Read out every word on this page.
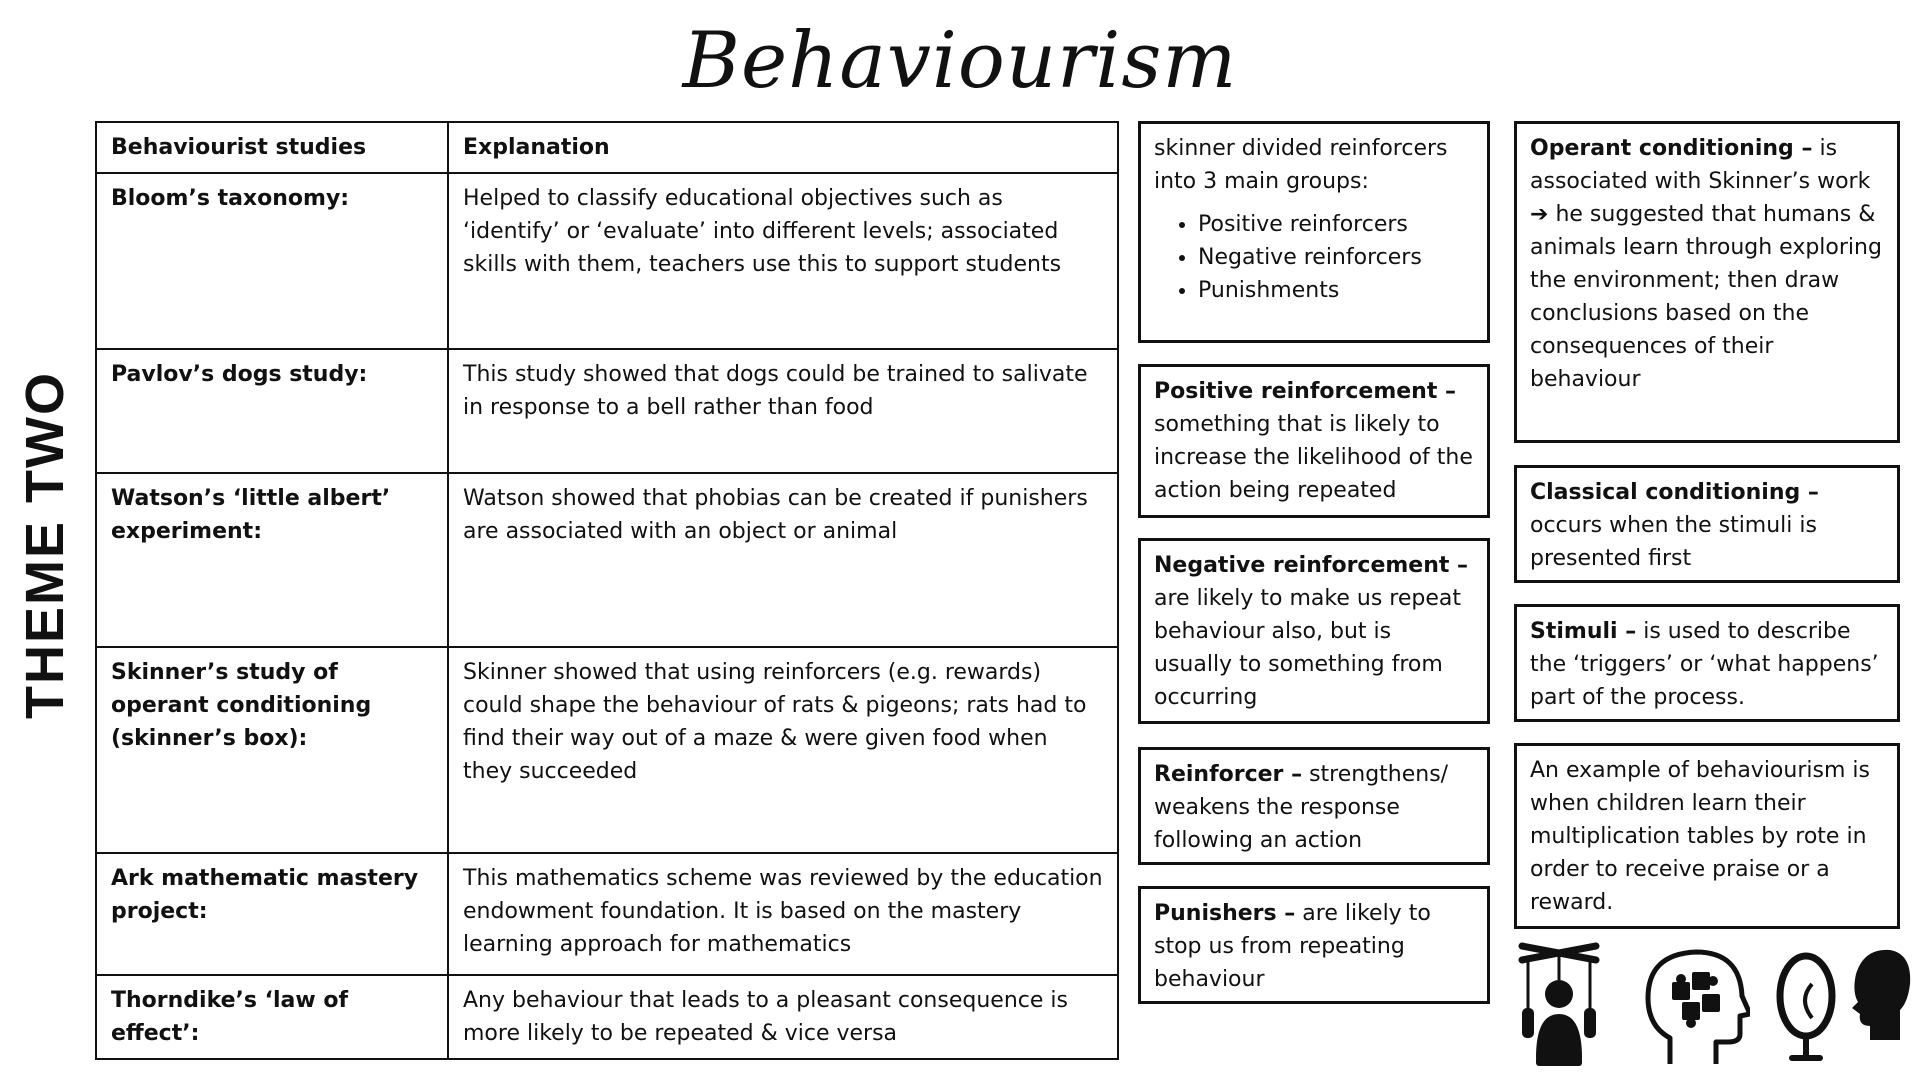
Behaviourism
THEME TWO
Behaviourist studies	Explanation
Bloom’s taxonomy:	Helped to classify educational objectives such as ‘identify’ or ‘evaluate’ into different levels; associated skills with them, teachers use this to support students
Pavlov’s dogs study:	This study showed that dogs could be trained to salivate in response to a bell rather than food
Watson’s ‘little albert’ experiment:	Watson showed that phobias can be created if punishers are associated with an object or animal
Skinner’s study of operant conditioning (skinner’s box):	Skinner showed that using reinforcers (e.g. rewards) could shape the behaviour of rats & pigeons; rats had to find their way out of a maze & were given food when they succeeded
Ark mathematic mastery project:	This mathematics scheme was reviewed by the education endowment foundation. It is based on the mastery learning approach for mathematics
Thorndike’s ‘law of effect’:	Any behaviour that leads to a pleasant consequence is more likely to be repeated & vice versa
skinner divided reinforcers into 3 main groups:
• Positive reinforcers
• Negative reinforcers
• Punishments
Positive reinforcement – something that is likely to increase the likelihood of the action being repeated
Negative reinforcement – are likely to make us repeat behaviour also, but is usually to something from occurring
Reinforcer – strengthens/ weakens the response following an action
Punishers – are likely to stop us from repeating behaviour
Operant conditioning – is associated with Skinner’s work ➔ he suggested that humans & animals learn through exploring the environment; then draw conclusions based on the consequences of their behaviour
Classical conditioning – occurs when the stimuli is presented first
Stimuli – is used to describe the ‘triggers’ or ‘what happens’ part of the process.
An example of behaviourism is when children learn their multiplication tables by rote in order to receive praise or a reward.
